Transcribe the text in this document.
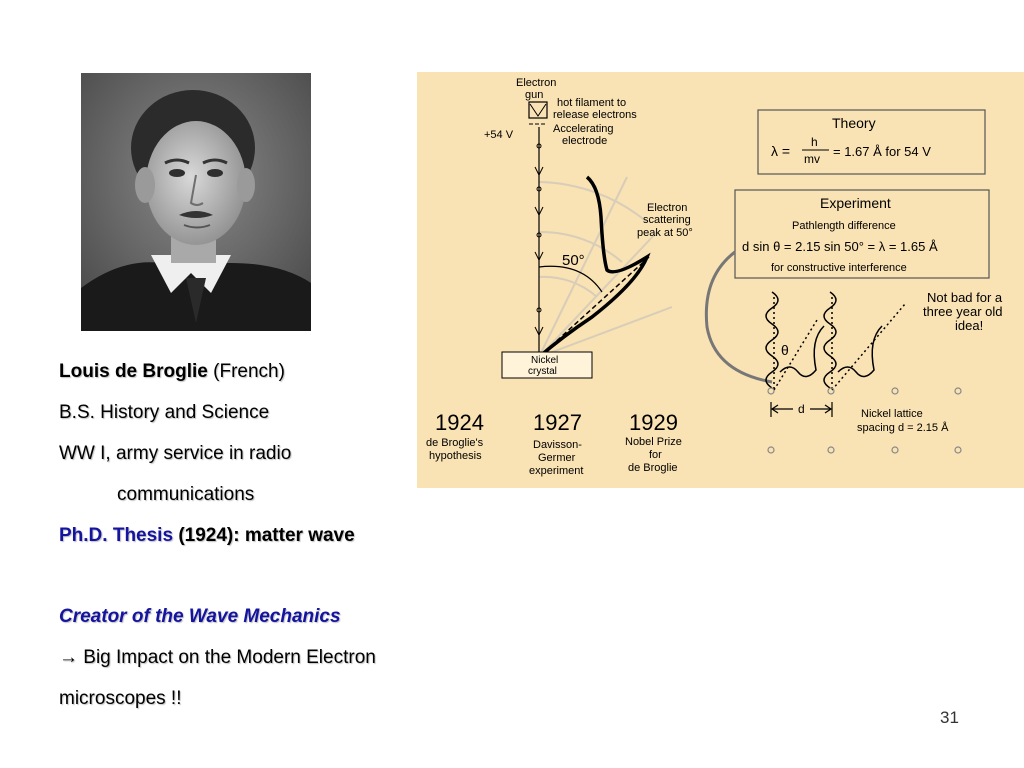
Electron
gun
hot filament to
release electrons
+54 V	Accelerating
electrode
50°
Electron
scattering
peak at 50°
Nickel
crystal
Theory
λ =
h
mv = 1.67 Å for 54 V
Experiment
Pathlength difference
d sin θ = 2.15 sin 50° = λ = 1.65 Å
for constructive interference
θ
Not bad for a
three year old
idea!
d	Nickel lattice
spacing d = 2.15 Å
1924
de Broglie's
hypothesis
1927
Davisson-
Germer
experiment
1929
Nobel Prize
for
de Broglie
Louis de Broglie (French)
B.S. History and Science
WW I, army service in radio
communications
Ph.D. Thesis (1924): matter wave
Creator of the Wave Mechanics
→ Big Impact on the Modern Electron
microscopes !!
31
